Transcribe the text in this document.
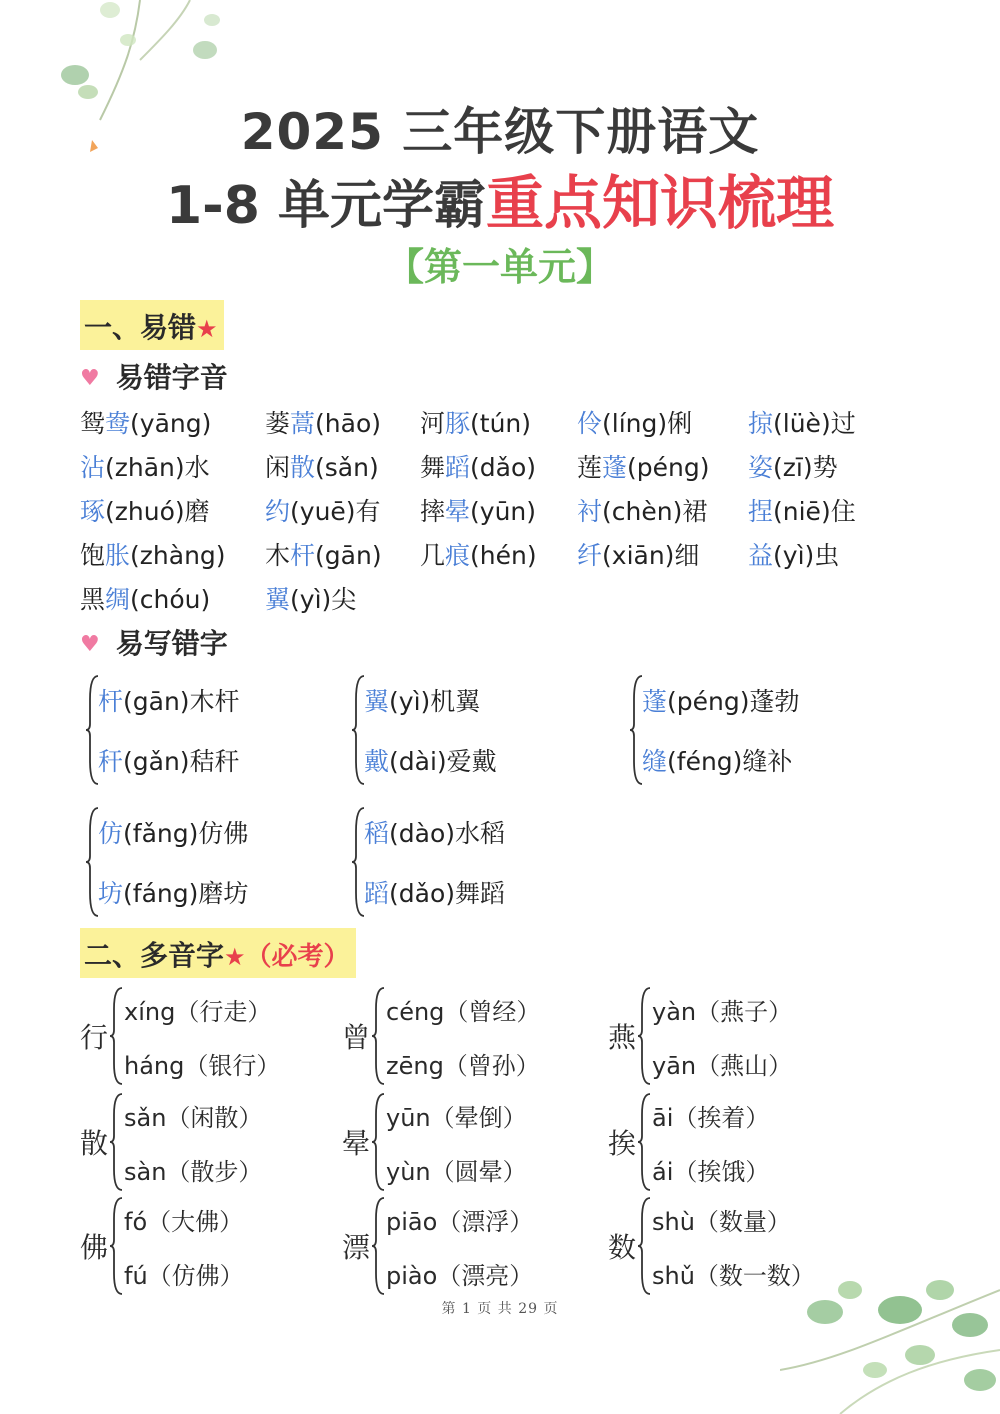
2025 三年级下册语文
1-8 单元学霸重点知识梳理
【第一单元】
一、易错★
♥ 易错字音
鸳鸯(yāng) 蒌蒿(hāo) 河豚(tún) 伶(líng)俐 掠(lüè)过
沾(zhān)水 闲散(sǎn) 舞蹈(dǎo) 莲蓬(péng) 姿(zī)势
琢(zhuó)磨 约(yuē)有 摔晕(yūn) 衬(chèn)裙 捏(niē)住
饱胀(zhàng) 木杆(gān) 几痕(hén) 纤(xiān)细 益(yì)虫
黑绸(chóu) 翼(yì)尖
♥ 易写错字
杆(gān)木杆
秆(gǎn)秸秆
翼(yì)机翼
戴(dài)爱戴
蓬(péng)蓬勃
缝(féng)缝补
仿(fǎng)仿佛
坊(fáng)磨坊
稻(dào)水稻
蹈(dǎo)舞蹈
二、多音字★（必考）
行
xíng（行走）
háng（银行）
曾
céng（曾经）
zēng（曾孙）
燕
yàn（燕子）
yān（燕山）
散
sǎn（闲散）
sàn（散步）
晕
yūn（晕倒）
yùn（圆晕）
挨
āi（挨着）
ái（挨饿）
佛
fó（大佛）
fú（仿佛）
漂
piāo（漂浮）
piào（漂亮）
数
shù（数量）
shǔ（数一数）
第 1 页 共 29 页
